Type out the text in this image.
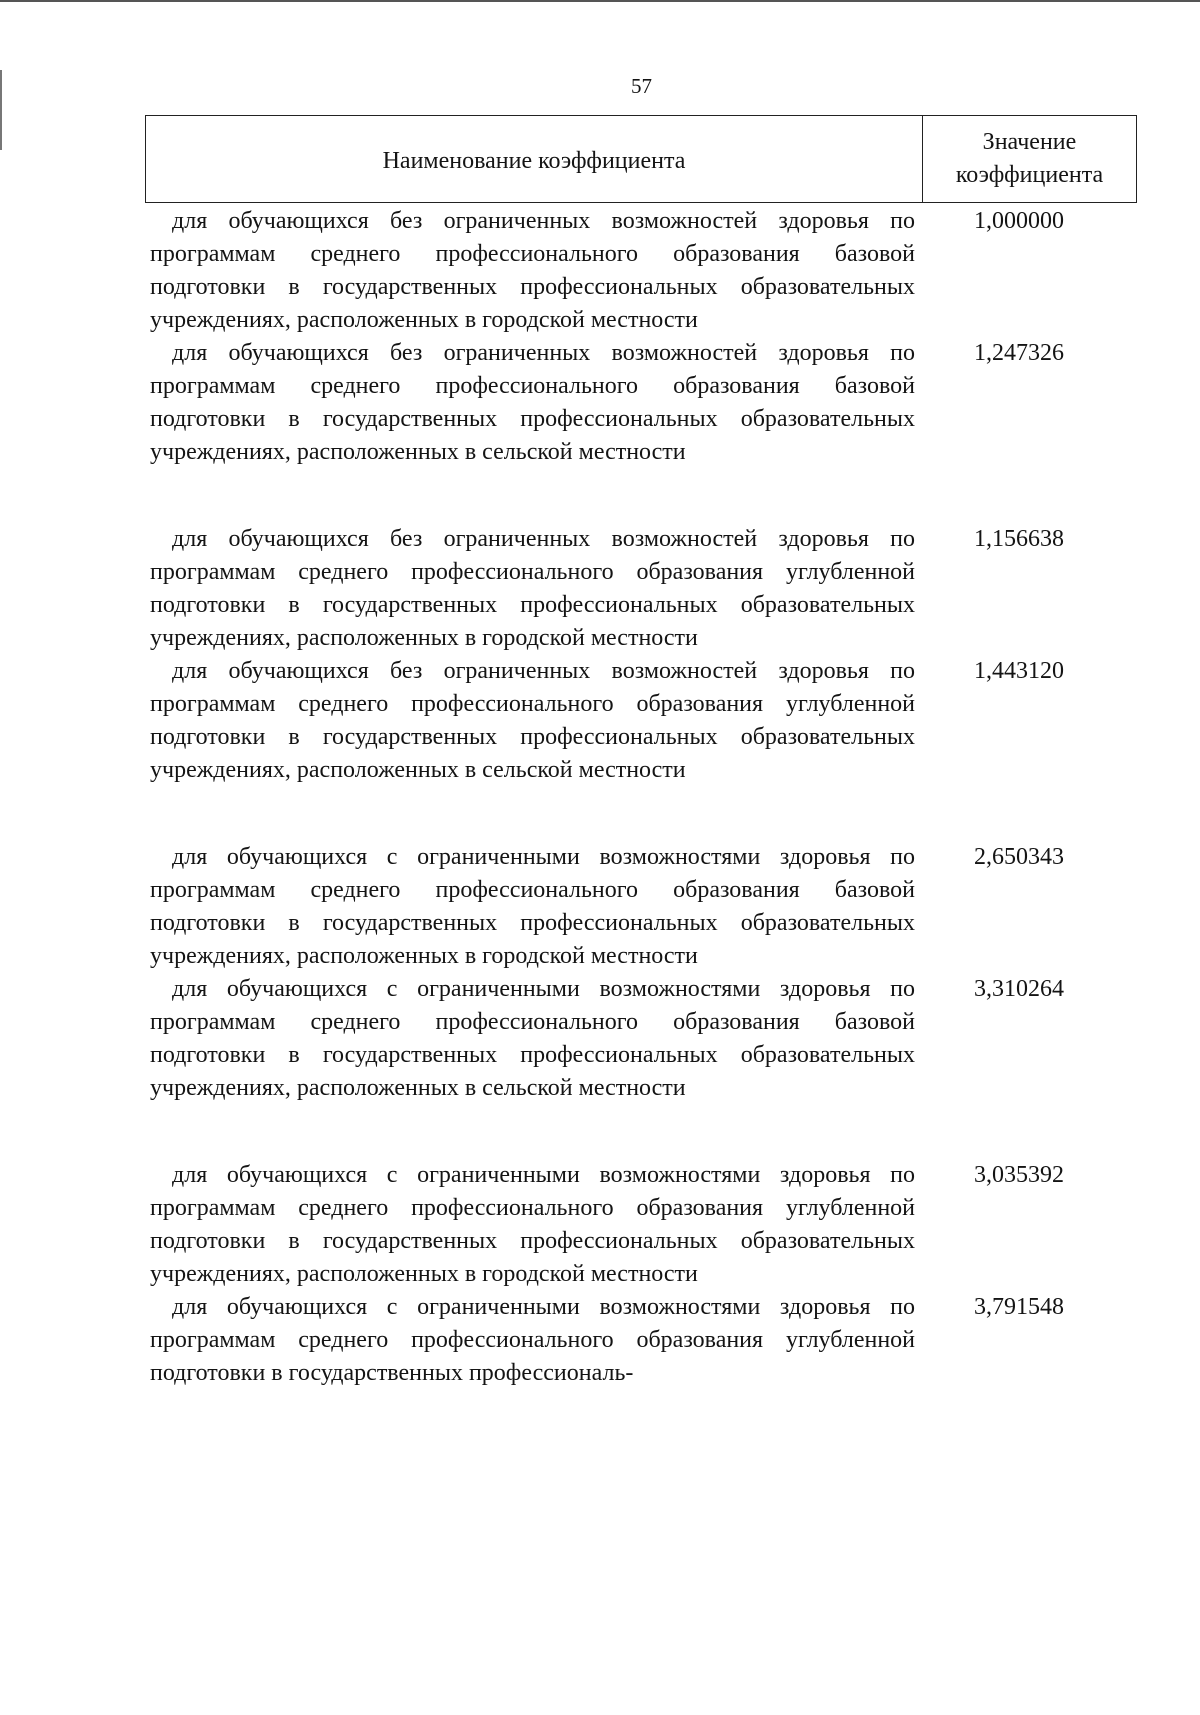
57
Наименование коэффициента
Значение
коэффициента
для обучающихся без ограниченных возможностей здоровья по программам среднего профессионального образования базовой подготовки в государственных профессиональных образовательных учреждениях, расположенных в городской местности
1,000000
для обучающихся без ограниченных возможностей здоровья по программам среднего профессионального образования базовой подготовки в государственных профессиональных образовательных учреждениях, расположенных в сельской местности
1,247326
для обучающихся без ограниченных возможностей здоровья по программам среднего профессионального образования углубленной подготовки в государственных профессиональных образовательных учреждениях, расположенных в городской местности
1,156638
для обучающихся без ограниченных возможностей здоровья по программам среднего профессионального образования углубленной подготовки в государственных профессиональных образовательных учреждениях, расположенных в сельской местности
1,443120
для обучающихся с ограниченными возможностями здоровья по программам среднего профессионального образования базовой подготовки в государственных профессиональных образовательных учреждениях, расположенных в городской местности
2,650343
для обучающихся с ограниченными возможностями здоровья по программам среднего профессионального образования базовой подготовки в государственных профессиональных образовательных учреждениях, расположенных в сельской местности
3,310264
для обучающихся с ограниченными возможностями здоровья по программам среднего профессионального образования углубленной подготовки в государственных профессиональных образовательных учреждениях, расположенных в городской местности
3,035392
для обучающихся с ограниченными возможностями здоровья по программам среднего профессионального образования углубленной подготовки в государственных профессиональ-
3,791548
